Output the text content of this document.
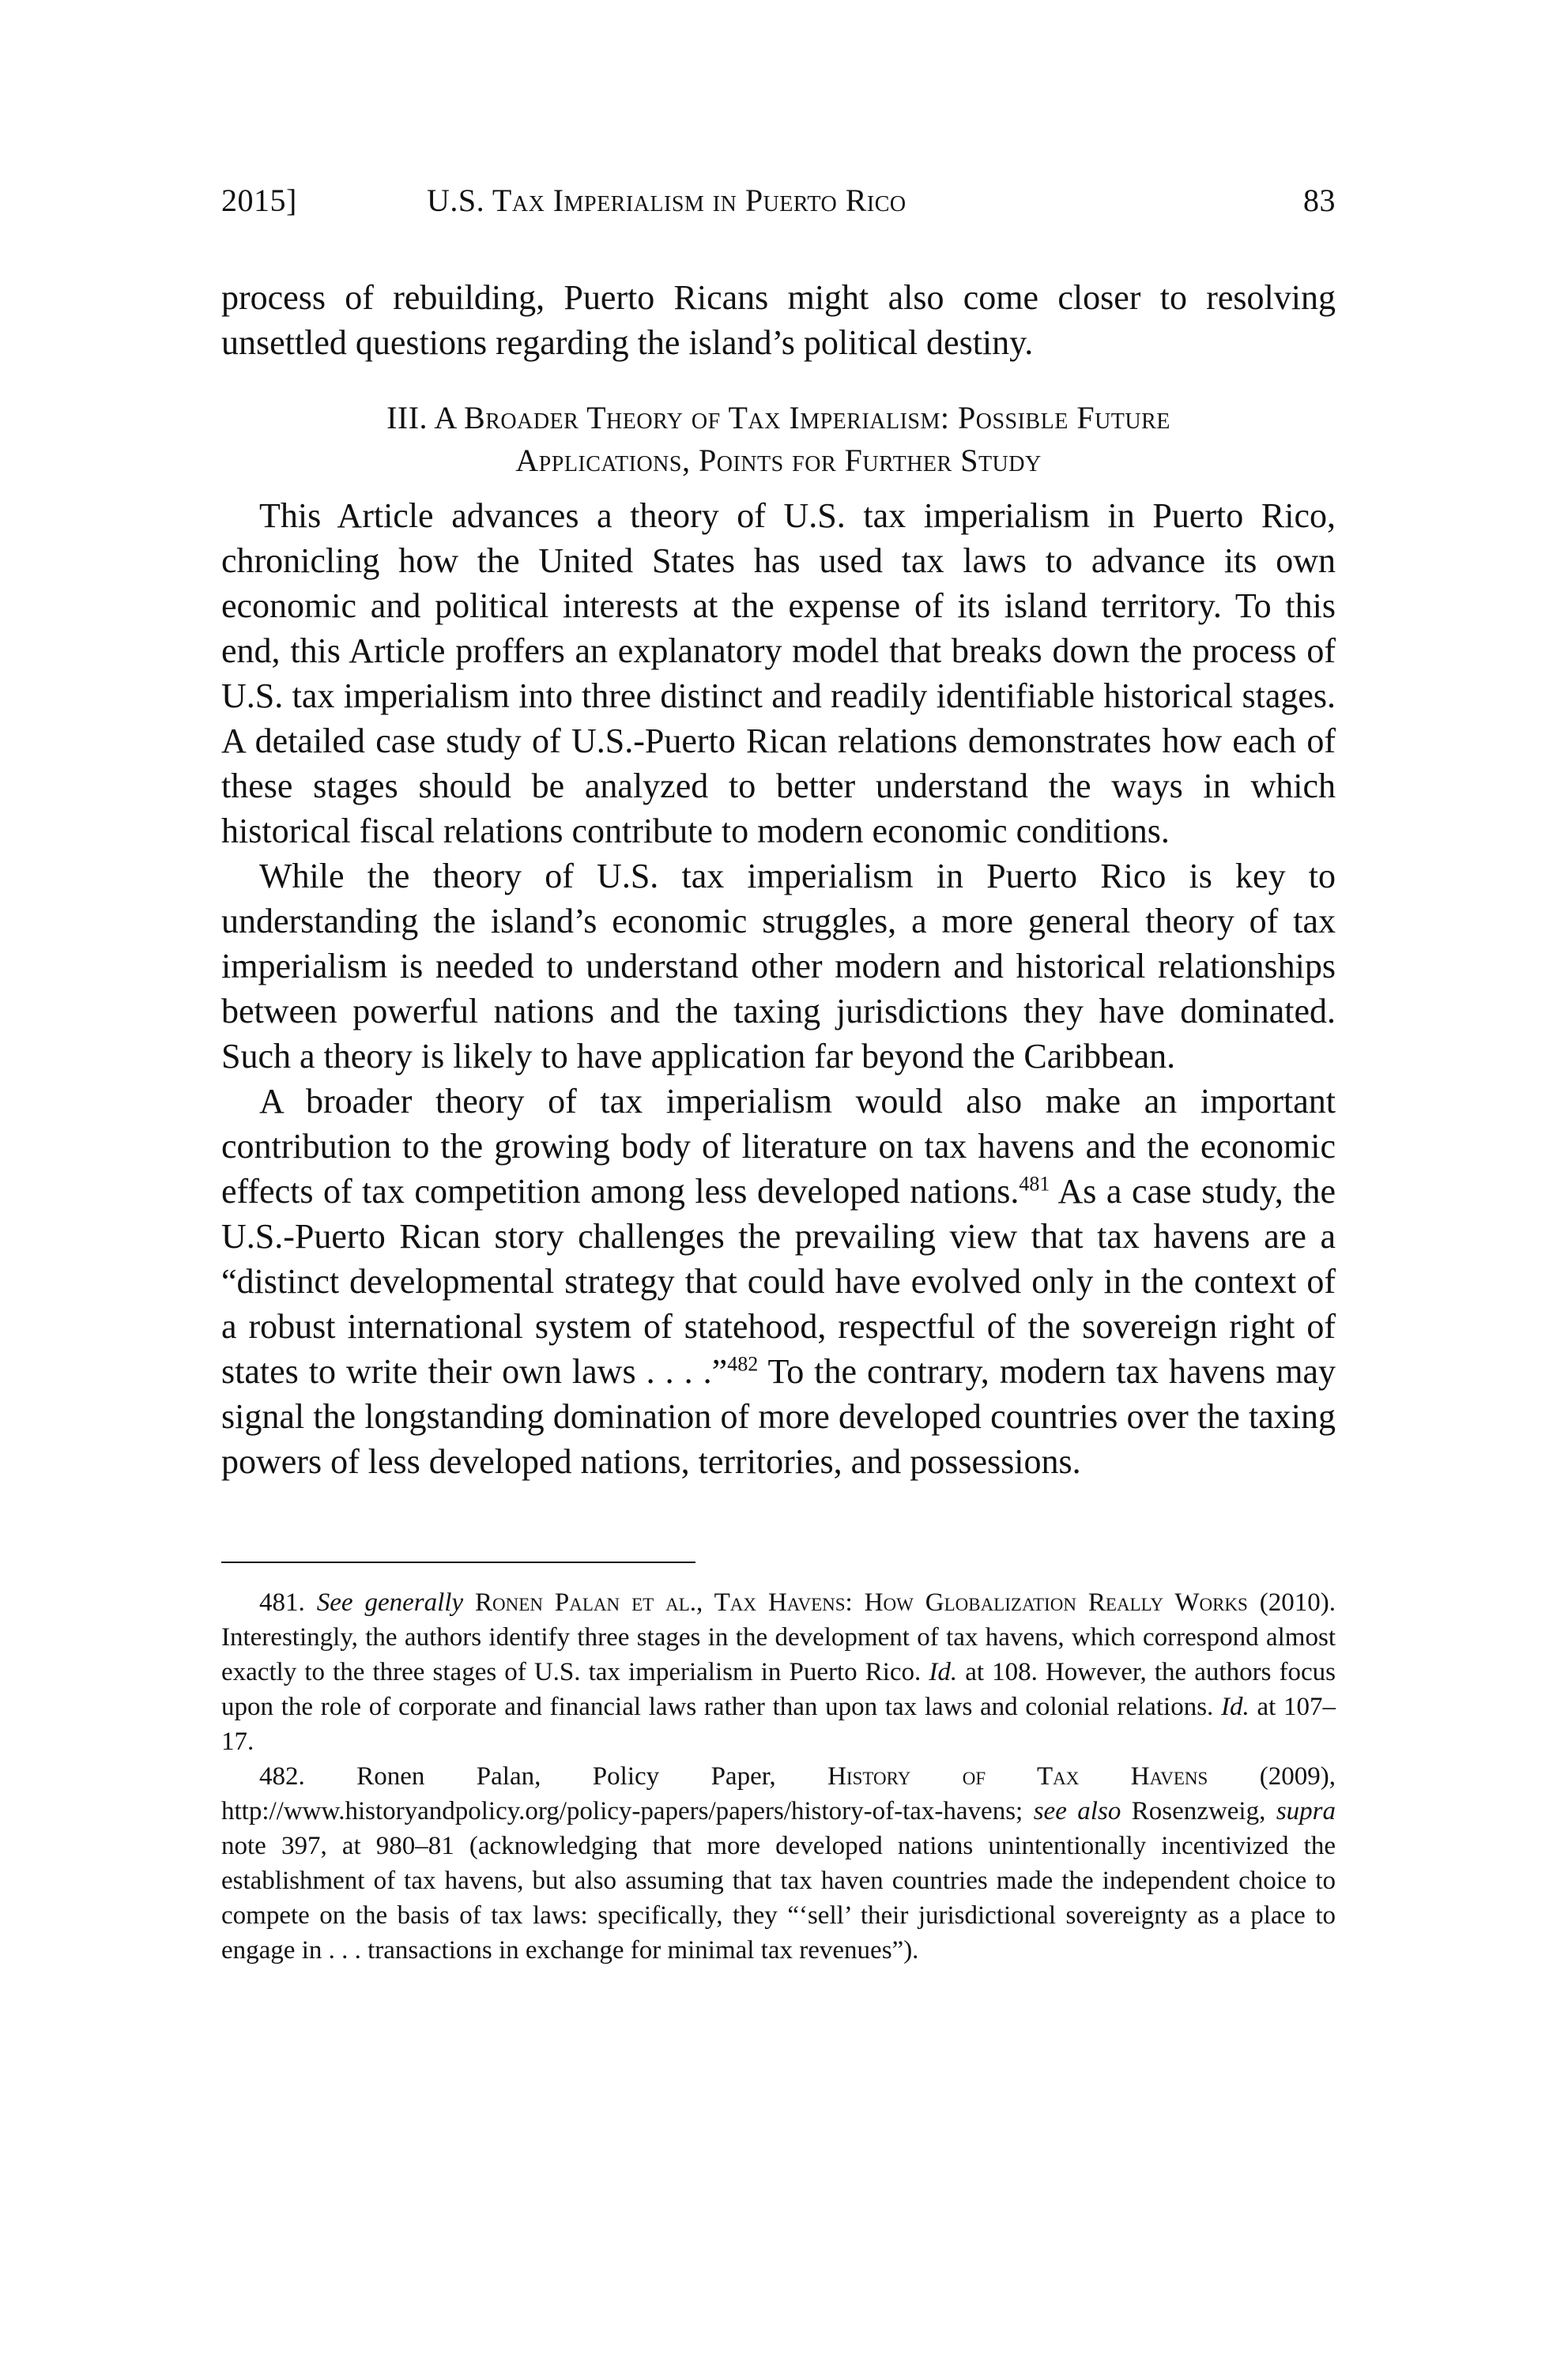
2015]	U.S. Tax Imperialism in Puerto Rico	83

process of rebuilding, Puerto Ricans might also come closer to resolving unsettled questions regarding the island’s political destiny.

III. A Broader Theory of Tax Imperialism: Possible Future
Applications, Points for Further Study

This Article advances a theory of U.S. tax imperialism in Puerto Rico, chronicling how the United States has used tax laws to advance its own economic and political interests at the expense of its island territory. To this end, this Article proffers an explanatory model that breaks down the process of U.S. tax imperialism into three distinct and readily identifiable historical stages. A detailed case study of U.S.-Puerto Rican relations demonstrates how each of these stages should be analyzed to better understand the ways in which historical fiscal relations contribute to modern economic conditions.

While the theory of U.S. tax imperialism in Puerto Rico is key to understanding the island’s economic struggles, a more general theory of tax imperialism is needed to understand other modern and historical relationships between powerful nations and the taxing jurisdictions they have dominated. Such a theory is likely to have application far beyond the Caribbean.

A broader theory of tax imperialism would also make an important contribution to the growing body of literature on tax havens and the economic effects of tax competition among less developed nations.$^{481}$ As a case study, the U.S.-Puerto Rican story challenges the prevailing view that tax havens are a “distinct developmental strategy that could have evolved only in the context of a robust international system of statehood, respectful of the sovereign right of states to write their own laws . . . .”$^{482}$ To the contrary, modern tax havens may signal the longstanding domination of more developed countries over the taxing powers of less developed nations, territories, and possessions.

481. See generally Ronen Palan et al., Tax Havens: How Globalization Really Works (2010). Interestingly, the authors identify three stages in the development of tax havens, which correspond almost exactly to the three stages of U.S. tax imperialism in Puerto Rico. Id. at 108. However, the authors focus upon the role of corporate and financial laws rather than upon tax laws and colonial relations. Id. at 107–17.

482. Ronen Palan, Policy Paper, History of Tax Havens (2009), http://www.historyandpolicy.org/policy-papers/papers/history-of-tax-havens; see also Rosenzweig, supra note 397, at 980–81 (acknowledging that more developed nations unintentionally incentivized the establishment of tax havens, but also assuming that tax haven countries made the independent choice to compete on the basis of tax laws: specifically, they “‘sell’ their jurisdictional sovereignty as a place to engage in . . . transactions in exchange for minimal tax revenues”).
